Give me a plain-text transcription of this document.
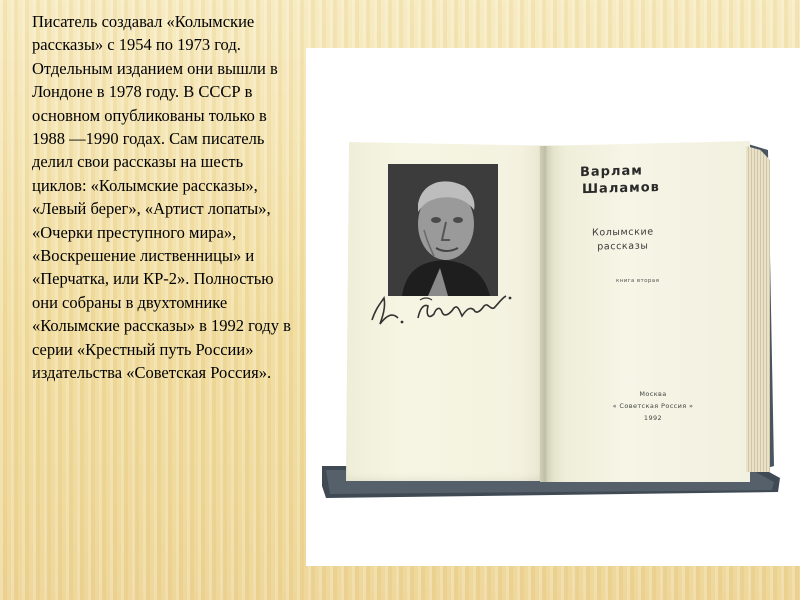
Писатель создавал «Колымские рассказы» с 1954 по 1973 год. Отдельным изданием они вышли в Лондоне в 1978 году. В СССР в основном опубликованы только в 1988 —1990 годах. Сам писатель делил свои рассказы на шесть циклов: «Колымские рассказы», «Левый берег», «Артист лопаты», «Очерки преступного мира», «Воскрешение лиственницы» и «Перчатка, или КР-2». Полностью они собраны в двухтомнике «Колымские рассказы» в 1992 году в серии «Крестный путь России» издательства «Советская Россия».
Варлам
Шаламов
Колымские
рассказы
книга вторая
Москва
« Советская Россия »
1992
